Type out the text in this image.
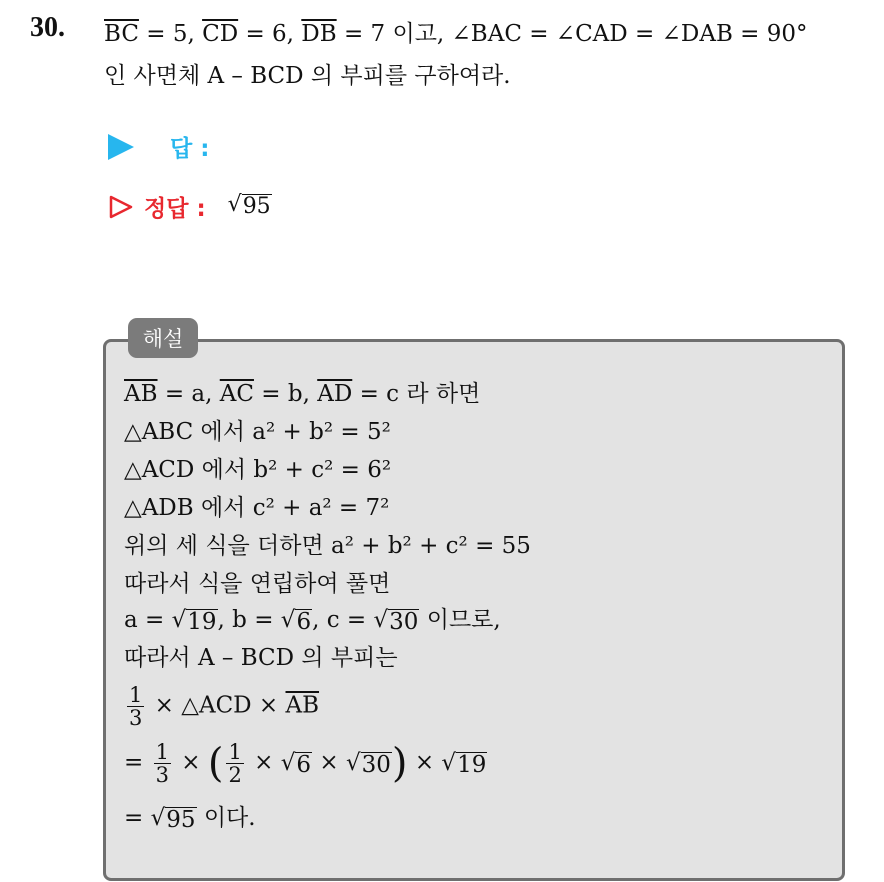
30. $\overline{BC} = 5$, $\overline{CD} = 6$, $\overline{DB} = 7$ 이고, ∠BAC = ∠CAD = ∠DAB = 90°
인 사면체 A – BCD 의 부피를 구하여라.
답 :
정답 : √ 95
해설
$\overline{AB} = a$, $\overline{AC} = b$, $\overline{AD} = c$ 라 하면
△ABC 에서 a² + b² = 5²
△ACD 에서 b² + c² = 6²
△ADB 에서 c² + a² = 7²
위의 세 식을 더하면 a² + b² + c² = 55
따라서 식을 연립하여 풀면
a = √ 19 , b = √ 6 , c = √ 30 이므로,
따라서 A – BCD 의 부피는
$\frac{1}{3}$ × △ACD × $\overline{AB}$
= $\frac{1}{3}$ × ( $\frac{1}{2}$ × √ 6 × √ 30 ) × √ 19
= √ 95 이다.
